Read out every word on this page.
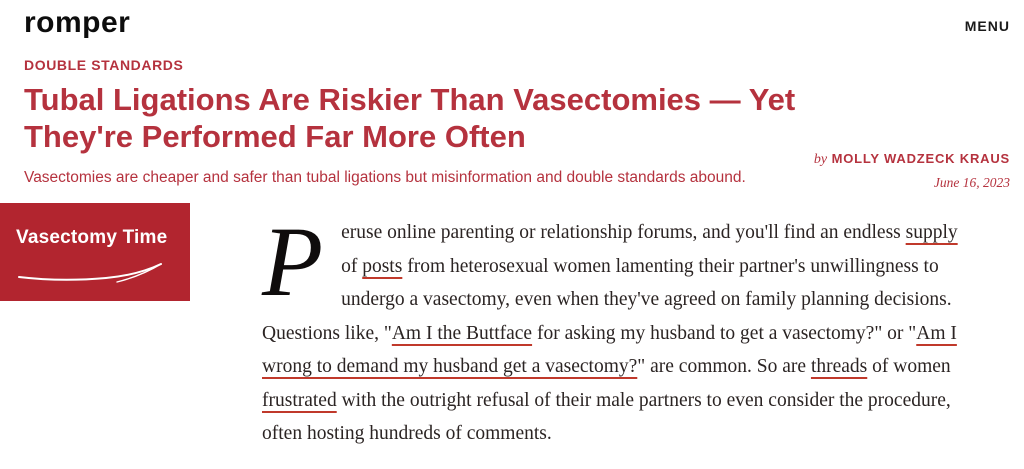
romper	MENU
DOUBLE STANDARDS
Tubal Ligations Are Riskier Than Vasectomies — Yet They're Performed Far More Often

Vasectomies are cheaper and safer than tubal ligations but misinformation and double standards abound.

by MOLLY WADZECK KRAUS
June 16, 2023
Vasectomy Time Peruse online parenting or relationship forums, and you'll find an endless supply of posts from heterosexual women lamenting their partner's unwillingness to undergo a vasectomy, even when they've agreed on family planning decisions. Questions like, "Am I the Buttface for asking my husband to get a vasectomy?" or "Am I wrong to demand my husband get a vasectomy?" are common. So are threads of women frustrated with the outright refusal of their male partners to even consider the procedure, often hosting hundreds of comments.
